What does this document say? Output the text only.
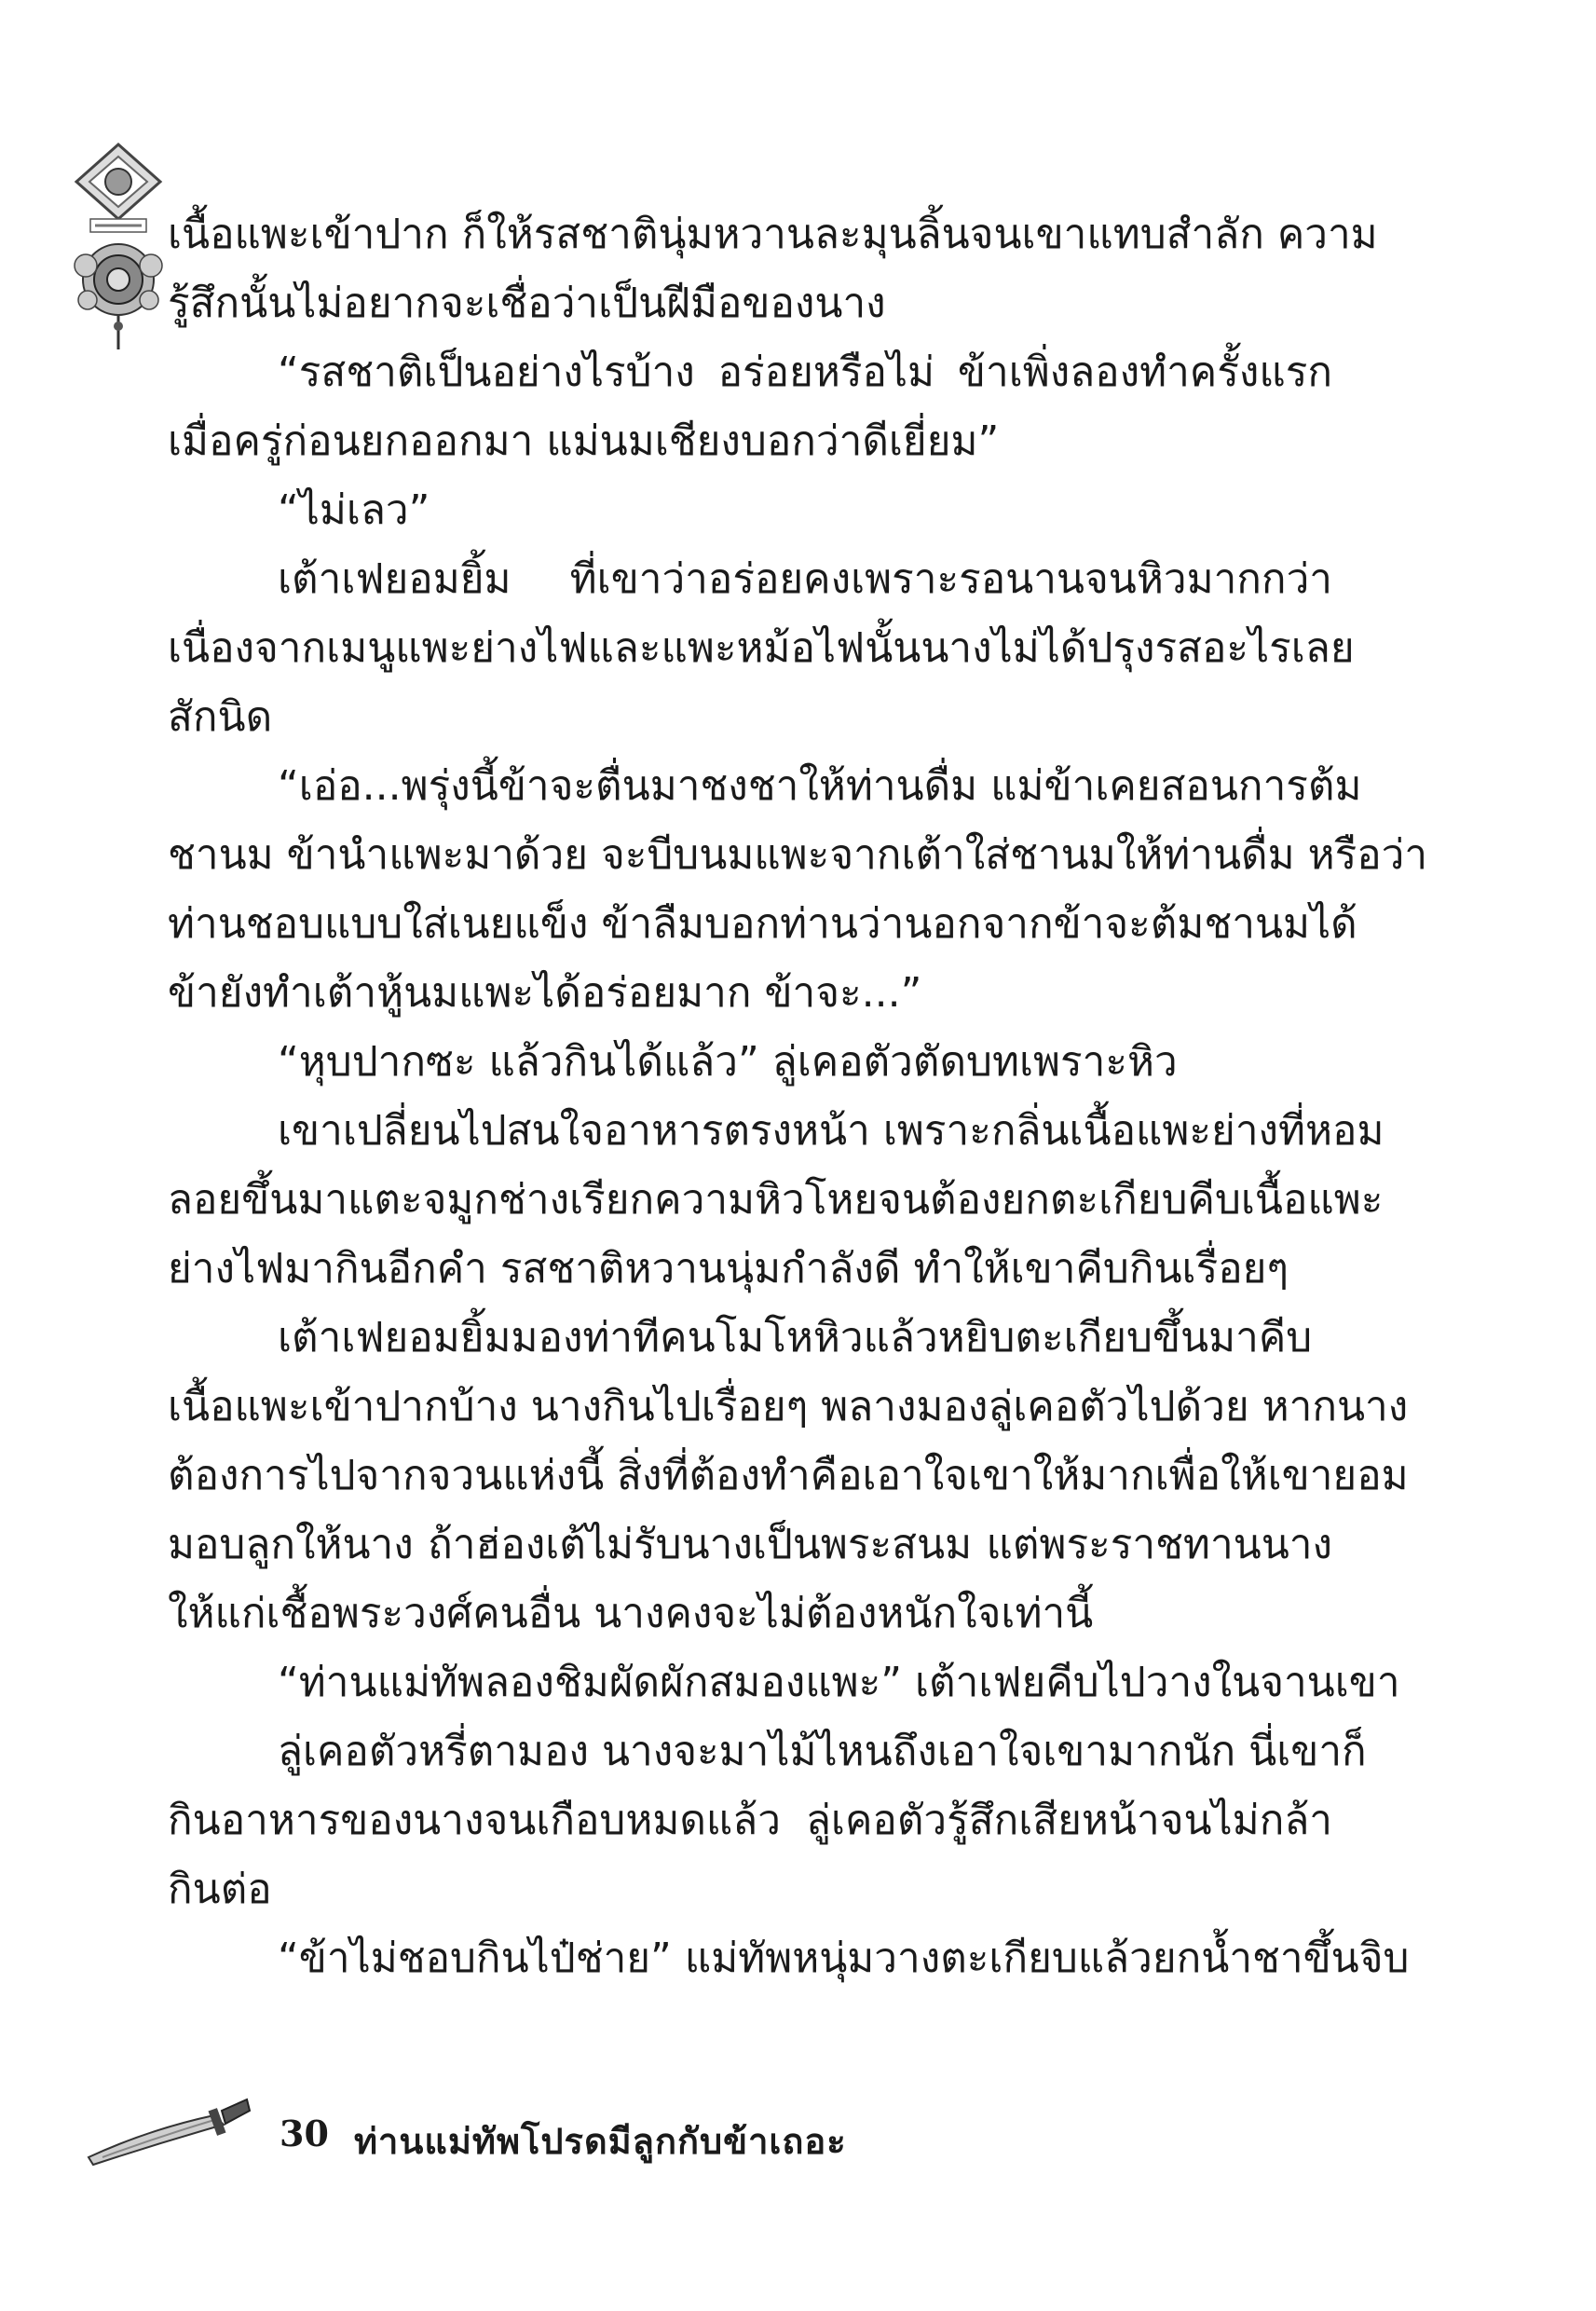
เนื้อแพะเข้าปาก ก็ให้รสชาตินุ่มหวานละมุนลิ้นจนเขาแทบสำลัก ความ
รู้สึกนั้นไม่อยากจะเชื่อว่าเป็นฝีมือของนาง
“รสชาติเป็นอย่างไรบ้าง อร่อยหรือไม่ ข้าเพิ่งลองทำครั้งแรก
เมื่อครู่ก่อนยกออกมา แม่นมเชียงบอกว่าดีเยี่ยม”
“ไม่เลว”
เต้าเฟยอมยิ้ม ที่เขาว่าอร่อยคงเพราะรอนานจนหิวมากกว่า
เนื่องจากเมนูแพะย่างไฟและแพะหม้อไฟนั้นนางไม่ได้ปรุงรสอะไรเลย
สักนิด
“เอ่อ...พรุ่งนี้ข้าจะตื่นมาชงชาให้ท่านดื่ม แม่ข้าเคยสอนการต้ม
ชานม ข้านำแพะมาด้วย จะบีบนมแพะจากเต้าใส่ชานมให้ท่านดื่ม หรือว่า
ท่านชอบแบบใส่เนยแข็ง ข้าลืมบอกท่านว่านอกจากข้าจะต้มชานมได้
ข้ายังทำเต้าหู้นมแพะได้อร่อยมาก ข้าจะ...”
“หุบปากซะ แล้วกินได้แล้ว” ลู่เคอตัวตัดบทเพราะหิว
เขาเปลี่ยนไปสนใจอาหารตรงหน้า เพราะกลิ่นเนื้อแพะย่างที่หอม
ลอยขึ้นมาแตะจมูกช่างเรียกความหิวโหยจนต้องยกตะเกียบคีบเนื้อแพะ
ย่างไฟมากินอีกคำ รสชาติหวานนุ่มกำลังดี ทำให้เขาคีบกินเรื่อยๆ
เต้าเฟยอมยิ้มมองท่าทีคนโมโหหิวแล้วหยิบตะเกียบขึ้นมาคีบ
เนื้อแพะเข้าปากบ้าง นางกินไปเรื่อยๆ พลางมองลู่เคอตัวไปด้วย หากนาง
ต้องการไปจากจวนแห่งนี้ สิ่งที่ต้องทำคือเอาใจเขาให้มากเพื่อให้เขายอม
มอบลูกให้นาง ถ้าฮ่องเต้ไม่รับนางเป็นพระสนม แต่พระราชทานนาง
ให้แก่เชื้อพระวงศ์คนอื่น นางคงจะไม่ต้องหนักใจเท่านี้
“ท่านแม่ทัพลองชิมผัดผักสมองแพะ” เต้าเฟยคีบไปวางในจานเขา
ลู่เคอตัวหรี่ตามอง นางจะมาไม้ไหนถึงเอาใจเขามากนัก นี่เขาก็
กินอาหารของนางจนเกือบหมดแล้ว ลู่เคอตัวรู้สึกเสียหน้าจนไม่กล้า
กินต่อ
“ข้าไม่ชอบกินไป๋ช่าย” แม่ทัพหนุ่มวางตะเกียบแล้วยกน้ำชาขึ้นจิบ
30 ท่านแม่ทัพโปรดมีลูกกับข้าเถอะ
